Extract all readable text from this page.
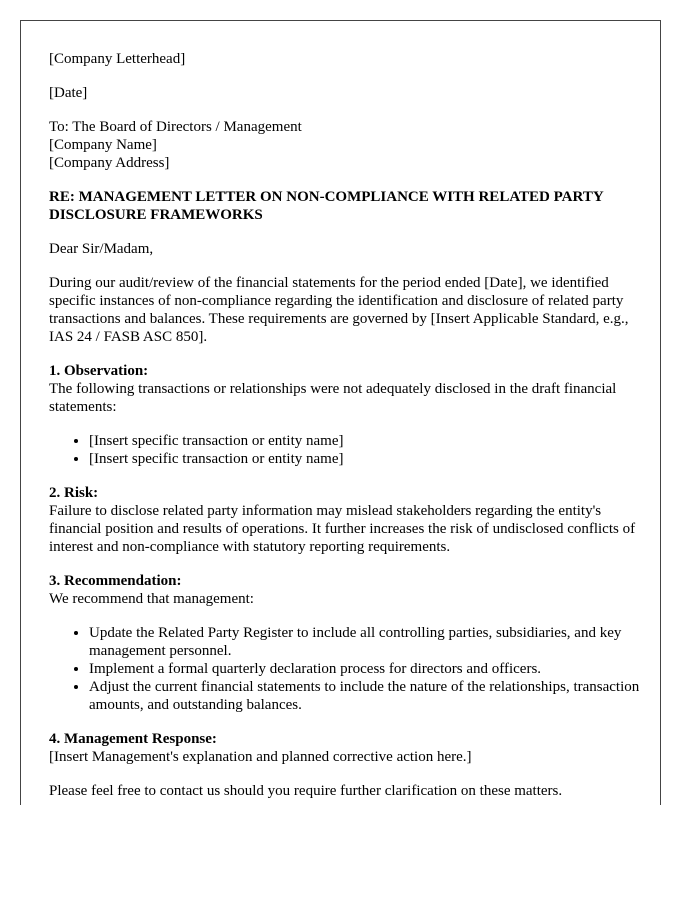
[Company Letterhead]

[Date]

To: The Board of Directors / Management

[Company Name]

[Company Address]

RE: MANAGEMENT LETTER ON NON-COMPLIANCE WITH RELATED PARTY DISCLOSURE FRAMEWORKS

Dear Sir/Madam,

During our audit/review of the financial statements for the period ended [Date], we identified specific instances of non-compliance regarding the identification and disclosure of related party transactions and balances. These requirements are governed by [Insert Applicable Standard, e.g., IAS 24 / FASB ASC 850].

1. Observation:

The following transactions or relationships were not adequately disclosed in the draft financial statements:

• [Insert specific transaction or entity name]
• [Insert specific transaction or entity name]

2. Risk:

Failure to disclose related party information may mislead stakeholders regarding the entity's financial position and results of operations. It further increases the risk of undisclosed conflicts of interest and non-compliance with statutory reporting requirements.

3. Recommendation:

We recommend that management:

• Update the Related Party Register to include all controlling parties, subsidiaries, and key management personnel.
• Implement a formal quarterly declaration process for directors and officers.
• Adjust the current financial statements to include the nature of the relationships, transaction amounts, and outstanding balances.

4. Management Response:

[Insert Management's explanation and planned corrective action here.]

Please feel free to contact us should you require further clarification on these matters.
